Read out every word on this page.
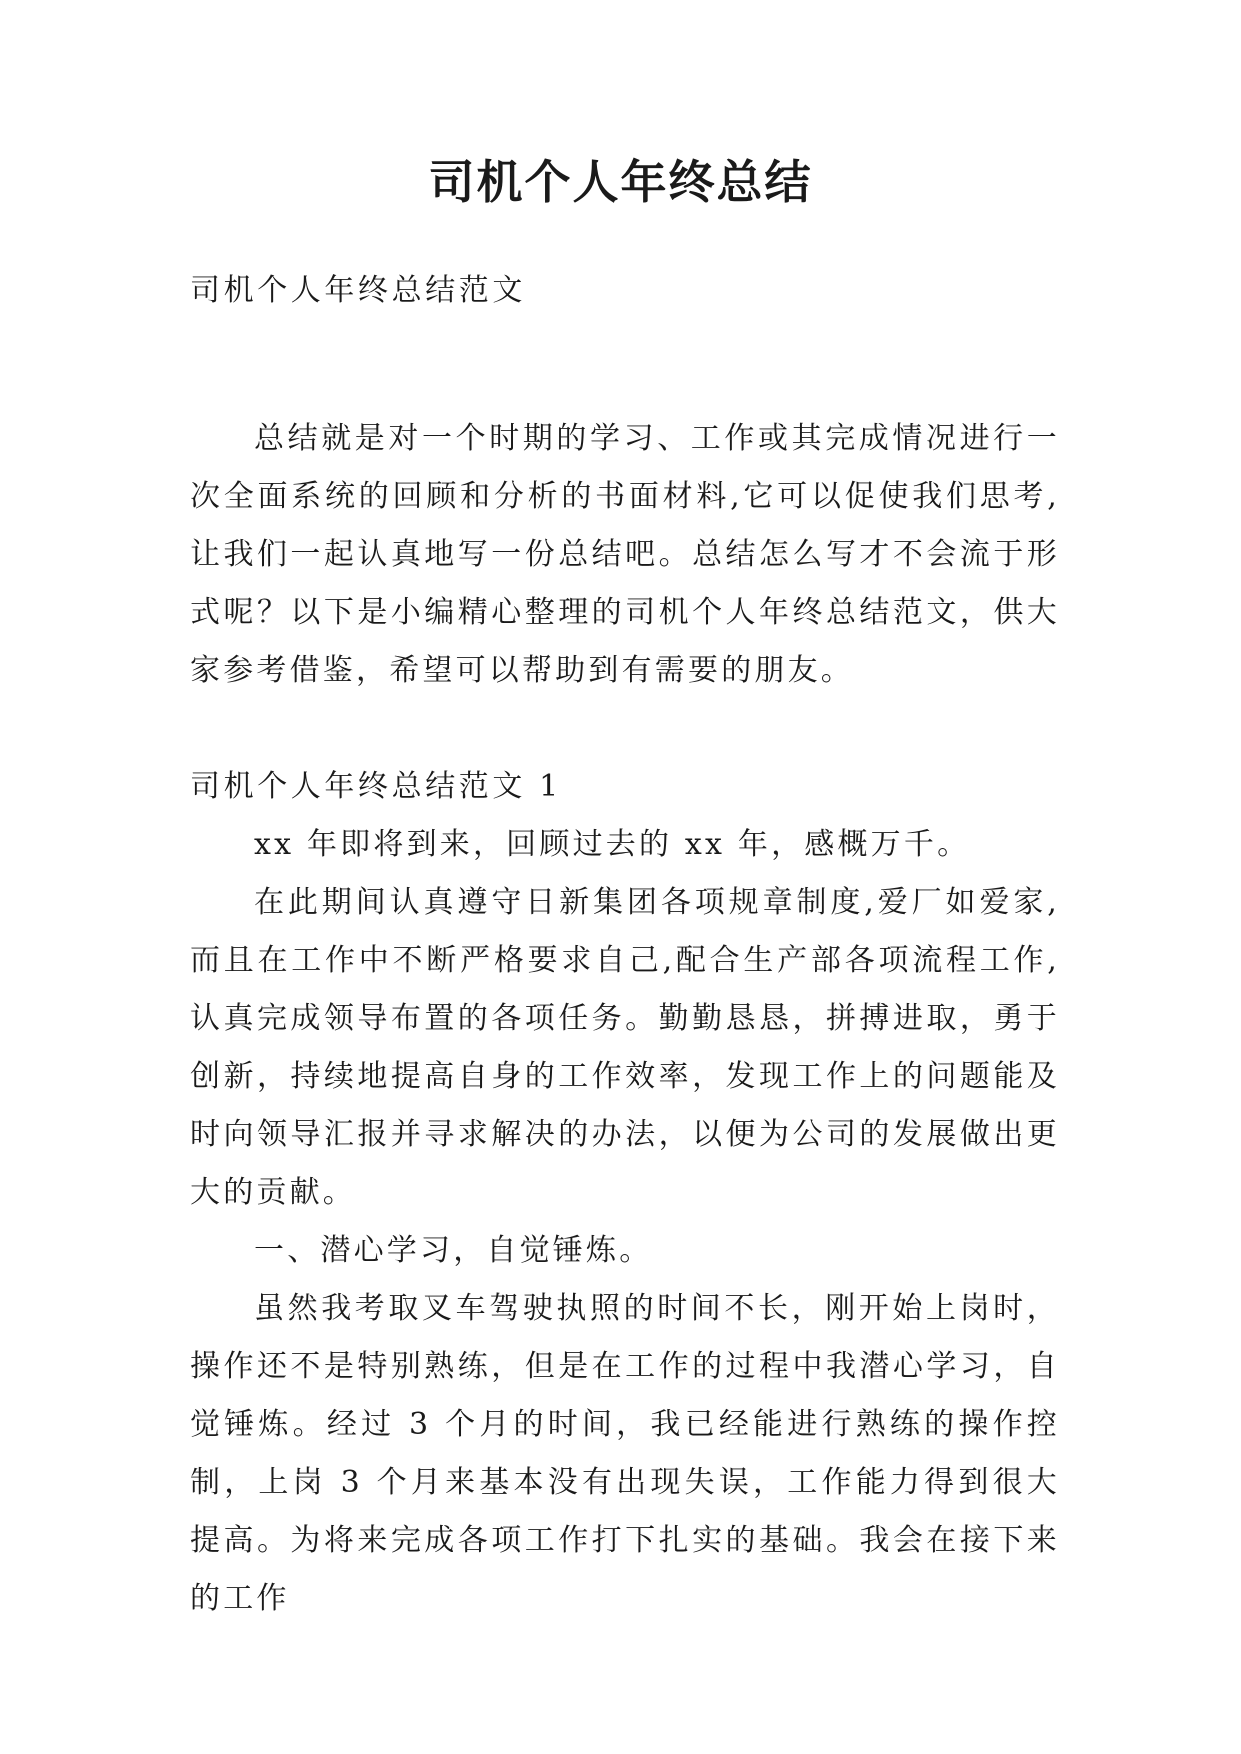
司机个人年终总结

司机个人年终总结范文

总结就是对一个时期的学习、工作或其完成情况进行一次全面系统的回顾和分析的书面材料,它可以促使我们思考,让我们一起认真地写一份总结吧。总结怎么写才不会流于形式呢？以下是小编精心整理的司机个人年终总结范文，供大家参考借鉴，希望可以帮助到有需要的朋友。

司机个人年终总结范文 1

xx 年即将到来，回顾过去的 xx 年，感概万千。

在此期间认真遵守日新集团各项规章制度,爱厂如爱家,而且在工作中不断严格要求自己,配合生产部各项流程工作,认真完成领导布置的各项任务。勤勤恳恳，拼搏进取，勇于创新，持续地提高自身的工作效率，发现工作上的问题能及时向领导汇报并寻求解决的办法，以便为公司的发展做出更大的贡献。

一、潜心学习，自觉锤炼。

虽然我考取叉车驾驶执照的时间不长，刚开始上岗时，操作还不是特别熟练，但是在工作的过程中我潜心学习，自觉锤炼。经过 3 个月的时间，我已经能进行熟练的操作控制，上岗 3 个月来基本没有出现失误，工作能力得到很大提高。为将来完成各项工作打下扎实的基础。我会在接下来的工作
